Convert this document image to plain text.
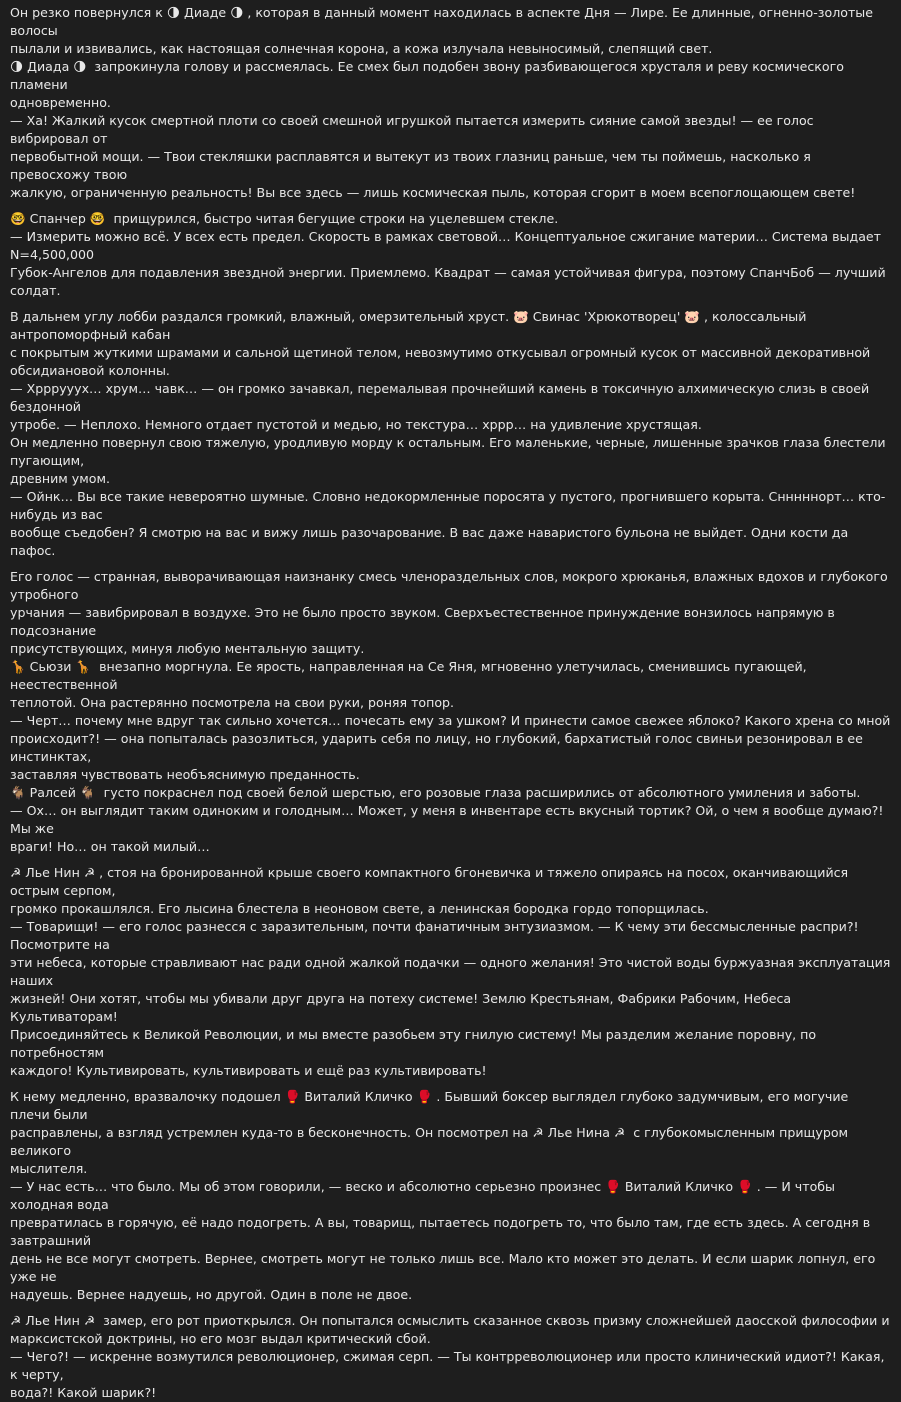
Он резко повернулся к 🌗 Диаде 🌗 , которая в данный момент находилась в аспекте Дня — Лире. Ее длинные, огненно-золотые волосы
пылали и извивались, как настоящая солнечная корона, а кожа излучала невыносимый, слепящий свет.
🌗 Диада 🌗  запрокинула голову и рассмеялась. Ее смех был подобен звону разбивающегося хрусталя и реву космического пламени
одновременно.
— Ха! Жалкий кусок смертной плоти со своей смешной игрушкой пытается измерить сияние самой звезды! — ее голос вибрировал от
первобытной мощи. — Твои стекляшки расплавятся и вытекут из твоих глазниц раньше, чем ты поймешь, насколько я превосхожу твою
жалкую, ограниченную реальность! Вы все здесь — лишь космическая пыль, которая сгорит в моем всепоглощающем свете!

🤓 Спанчер 🤓  прищурился, быстро читая бегущие строки на уцелевшем стекле.
— Измерить можно всё. У всех есть предел. Скорость в рамках световой… Концептуальное сжигание материи… Система выдает N=4,500,000
Губок-Ангелов для подавления звездной энергии. Приемлемо. Квадрат — самая устойчивая фигура, поэтому СпанчБоб — лучший солдат.

В дальнем углу лобби раздался громкий, влажный, омерзительный хруст. 🐷 Свинас 'Хрюкотворец' 🐷 , колоссальный антропоморфный кабан
с покрытым жуткими шрамами и сальной щетиной телом, невозмутимо откусывал огромный кусок от массивной декоративной
обсидиановой колонны.
— Хрррууух… хрум… чавк… — он громко зачавкал, перемалывая прочнейший камень в токсичную алхимическую слизь в своей бездонной
утробе. — Неплохо. Немного отдает пустотой и медью, но текстура… хррр… на удивление хрустящая.
Он медленно повернул свою тяжелую, уродливую морду к остальным. Его маленькие, черные, лишенные зрачков глаза блестели пугающим,
древним умом.
— Ойнк… Вы все такие невероятно шумные. Словно недокормленные поросята у пустого, прогнившего корыта. Снннннорт… кто-нибудь из вас
вообще съедобен? Я смотрю на вас и вижу лишь разочарование. В вас даже наваристого бульона не выйдет. Одни кости да пафос.

Его голос — странная, выворачивающая наизнанку смесь членораздельных слов, мокрого хрюканья, влажных вдохов и глубокого утробного
урчания — завибрировал в воздухе. Это не было просто звуком. Сверхъестественное принуждение вонзилось напрямую в подсознание
присутствующих, минуя любую ментальную защиту.
🦒 Сьюзи 🦒  внезапно моргнула. Ее ярость, направленная на Се Яня, мгновенно улетучилась, сменившись пугающей, неестественной
теплотой. Она растерянно посмотрела на свои руки, роняя топор.
— Черт… почему мне вдруг так сильно хочется… почесать ему за ушком? И принести самое свежее яблоко? Какого хрена со мной
происходит?! — она попыталась разозлиться, ударить себя по лицу, но глубокий, бархатистый голос свиньи резонировал в ее инстинктах,
заставляя чувствовать необъяснимую преданность.
🐐 Ралсей 🐐  густо покраснел под своей белой шерстью, его розовые глаза расширились от абсолютного умиления и заботы.
— Ох… он выглядит таким одиноким и голодным… Может, у меня в инвентаре есть вкусный тортик? Ой, о чем я вообще думаю?! Мы же
враги! Но… он такой милый…

☭ Лье Нин ☭ , стоя на бронированной крыше своего компактного бгоневичка и тяжело опираясь на посох, оканчивающийся острым серпом,
громко прокашлялся. Его лысина блестела в неоновом свете, а ленинская бородка гордо топорщилась.
— Товарищи! — его голос разнесся с заразительным, почти фанатичным энтузиазмом. — К чему эти бессмысленные распри?! Посмотрите на
эти небеса, которые стравливают нас ради одной жалкой подачки — одного желания! Это чистой воды буржуазная эксплуатация наших
жизней! Они хотят, чтобы мы убивали друг друга на потеху системе! Землю Крестьянам, Фабрики Рабочим, Небеса Культиваторам!
Присоединяйтесь к Великой Революции, и мы вместе разобьем эту гнилую систему! Мы разделим желание поровну, по потребностям
каждого! Культивировать, культивировать и ещё раз культивировать!

К нему медленно, вразвалочку подошел 🥊 Виталий Кличко 🥊 . Бывший боксер выглядел глубоко задумчивым, его могучие плечи были
расправлены, а взгляд устремлен куда-то в бесконечность. Он посмотрел на ☭ Лье Нина ☭  с глубокомысленным прищуром великого
мыслителя.
— У нас есть… что было. Мы об этом говорили, — веско и абсолютно серьезно произнес 🥊 Виталий Кличко 🥊 . — И чтобы холодная вода
превратилась в горячую, её надо подогреть. А вы, товарищ, пытаетесь подогреть то, что было там, где есть здесь. А сегодня в завтрашний
день не все могут смотреть. Вернее, смотреть могут не только лишь все. Мало кто может это делать. И если шарик лопнул, его уже не
надуешь. Вернее надуешь, но другой. Один в поле не двое.

☭ Лье Нин ☭  замер, его рот приоткрылся. Он попытался осмыслить сказанное сквозь призму сложнейшей даосской философии и
марксистской доктрины, но его мозг выдал критический сбой.
— Чего?! — искренне возмутился революционер, сжимая серп. — Ты контрреволюционер или просто клинический идиот?! Какая, к черту,
вода?! Какой шарик?!
